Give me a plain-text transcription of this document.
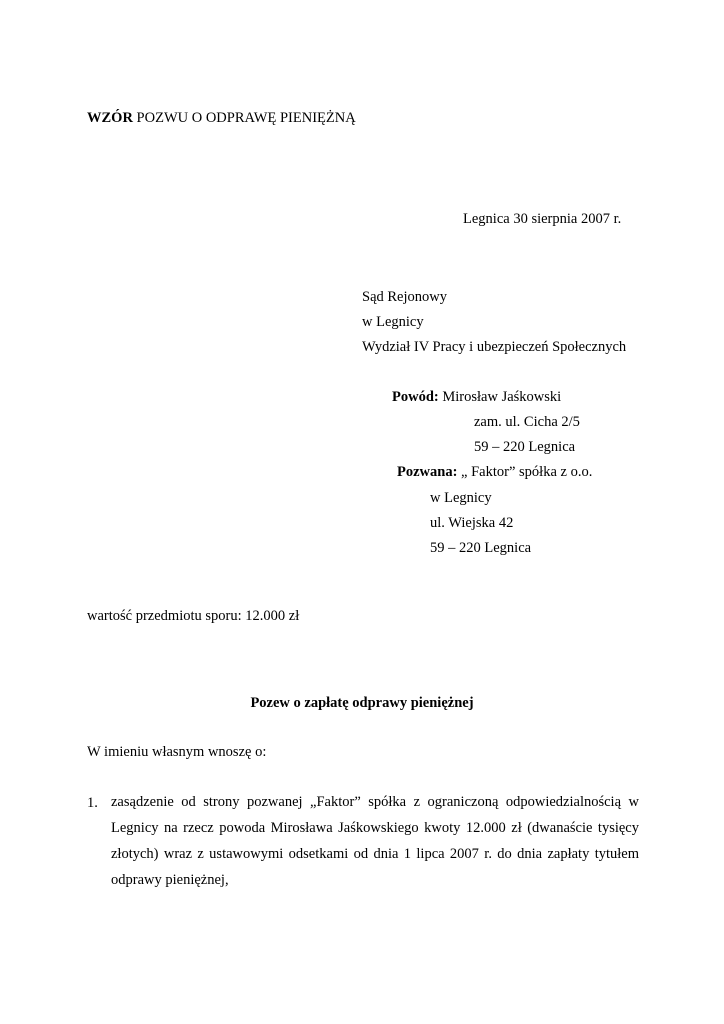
WZÓR POZWU O ODPRAWĘ PIENIĘŻNĄ
Legnica 30 sierpnia 2007 r.
Sąd Rejonowy
w Legnicy
Wydział IV Pracy i ubezpieczeń Społecznych
Powód: Mirosław Jaśkowski
zam. ul. Cicha 2/5
59 – 220 Legnica
Pozwana: „ Faktor” spółka z o.o.
w Legnicy
ul. Wiejska 42
59 – 220 Legnica
wartość przedmiotu sporu: 12.000 zł
Pozew o zapłatę odprawy pieniężnej
W imieniu własnym wnoszę o:
1. zasądzenie od strony pozwanej „Faktor” spółka z ograniczoną odpowiedzialnością w
Legnicy na rzecz powoda Mirosława Jaśkowskiego kwoty 12.000 zł (dwanaście tysięcy
złotych) wraz z ustawowymi odsetkami od dnia 1 lipca 2007 r. do dnia zapłaty tytułem
odprawy pieniężnej,
